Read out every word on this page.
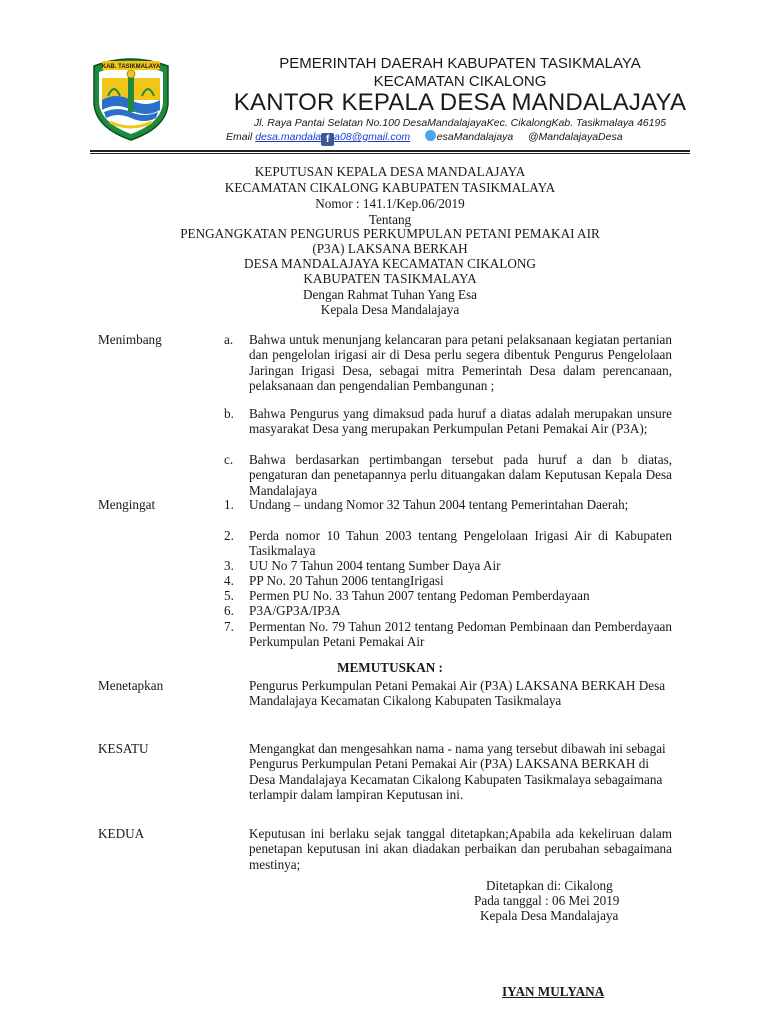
KAB. TASIKMALAYA	PEMERINTAH DAERAH KABUPATEN TASIKMALAYA
KECAMATAN CIKALONG
KANTOR KEPALA DESA MANDALAJAYA
Jl. Raya Pantai Selatan No.100 DesaMandalajayaKec. CikalongKab. Tasikmalaya 46195
Email desa.mandala f a08@gmail.com	esaMandalajaya @MandalajayaDesa
KEPUTUSAN KEPALA DESA MANDALAJAYA
KECAMATAN CIKALONG KABUPATEN TASIKMALAYA
Nomor : 141.1/Kep.06/2019
Tentang
PENGANGKATAN PENGURUS PERKUMPULAN PETANI PEMAKAI AIR
(P3A) LAKSANA BERKAH
DESA MANDALAJAYA KECAMATAN CIKALONG
KABUPATEN TASIKMALAYA
Dengan Rahmat Tuhan Yang Esa
Kepala Desa Mandalajaya
Menimbang	a. Bahwa untuk menunjang kelancaran para petani pelaksanaan kegiatan pertanian dan pengelolan irigasi air di Desa perlu segera dibentuk Pengurus Pengelolaan Jaringan Irigasi Desa, sebagai mitra Pemerintah Desa dalam perencanaan, pelaksanaan dan pengendalian Pembangunan ;
b. Bahwa Pengurus yang dimaksud pada huruf a diatas adalah merupakan unsure masyarakat Desa yang merupakan Perkumpulan Petani Pemakai Air (P3A);
c. Bahwa berdasarkan pertimbangan tersebut pada huruf a dan b diatas, pengaturan dan penetapannya perlu dituangakan dalam Keputusan Kepala Desa Mandalajaya
Mengingat	1. Undang – undang Nomor 32 Tahun 2004 tentang Pemerintahan Daerah;
2. Perda nomor 10 Tahun 2003 tentang Pengelolaan Irigasi Air di Kabupaten Tasikmalaya
3. UU No 7 Tahun 2004 tentang Sumber Daya Air
4. PP No. 20 Tahun 2006 tentangIrigasi
5. Permen PU No. 33 Tahun 2007 tentang Pedoman Pemberdayaan
6. P3A/GP3A/IP3A
7. Permentan No. 79 Tahun 2012 tentang Pedoman Pembinaan dan Pemberdayaan Perkumpulan Petani Pemakai Air
MEMUTUSKAN :
Menetapkan	Pengurus Perkumpulan Petani Pemakai Air (P3A) LAKSANA BERKAH Desa Mandalajaya Kecamatan Cikalong Kabupaten Tasikmalaya
KESATU	Mengangkat dan mengesahkan nama - nama yang tersebut dibawah ini sebagai Pengurus Perkumpulan Petani Pemakai Air (P3A) LAKSANA BERKAH di Desa Mandalajaya Kecamatan Cikalong Kabupaten Tasikmalaya sebagaimana terlampir dalam lampiran Keputusan ini.
KEDUA	Keputusan ini berlaku sejak tanggal ditetapkan;Apabila ada kekeliruan dalam penetapan keputusan ini akan diadakan perbaikan dan perubahan sebagaimana mestinya;
Ditetapkan di: Cikalong
Pada tanggal : 06 Mei 2019
Kepala Desa Mandalajaya
IYAN MULYANA
